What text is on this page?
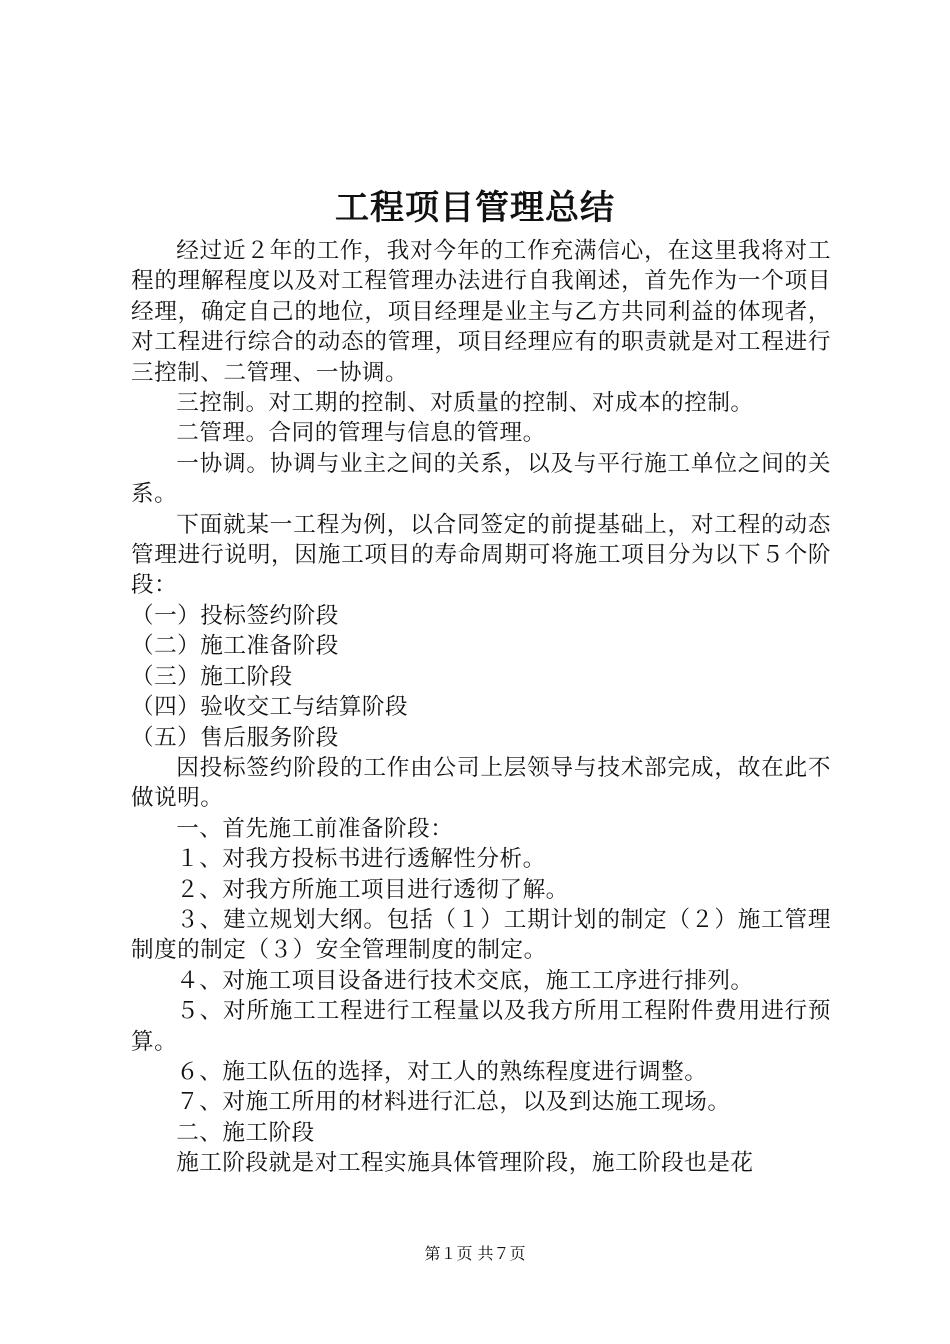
工程项目管理总结

经过近２年的工作，我对今年的工作充满信心，在这里我将对工程的理解程度以及对工程管理办法进行自我阐述，首先作为一个项目经理，确定自己的地位，项目经理是业主与乙方共同利益的体现者，对工程进行综合的动态的管理，项目经理应有的职责就是对工程进行三控制、二管理、一协调。

三控制。对工期的控制、对质量的控制、对成本的控制。

二管理。合同的管理与信息的管理。

一协调。协调与业主之间的关系，以及与平行施工单位之间的关系。

下面就某一工程为例，以合同签定的前提基础上，对工程的动态管理进行说明，因施工项目的寿命周期可将施工项目分为以下５个阶段：

（一）投标签约阶段

（二）施工准备阶段

（三）施工阶段

（四）验收交工与结算阶段

（五）售后服务阶段

因投标签约阶段的工作由公司上层领导与技术部完成，故在此不做说明。

一、首先施工前准备阶段：

１、对我方投标书进行透解性分析。

２、对我方所施工项目进行透彻了解。

３、建立规划大纲。包括（１）工期计划的制定（２）施工管理制度的制定（３）安全管理制度的制定。

４、对施工项目设备进行技术交底，施工工序进行排列。

５、对所施工工程进行工程量以及我方所用工程附件费用进行预算。

６、施工队伍的选择，对工人的熟练程度进行调整。

７、对施工所用的材料进行汇总，以及到达施工现场。

二、施工阶段

施工阶段就是对工程实施具体管理阶段，施工阶段也是花

第１页 共７页
